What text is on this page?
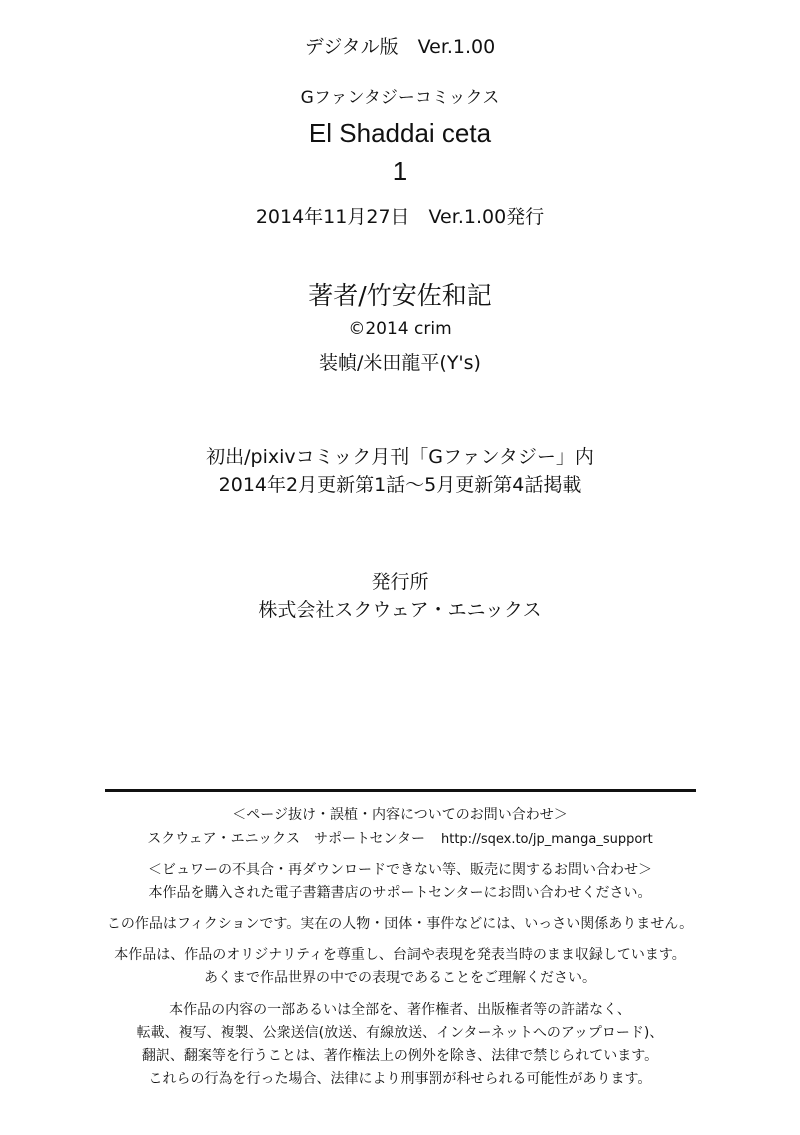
デジタル版　Ver.1.00
Gファンタジーコミックス
El Shaddai ceta
1
2014年11月27日　Ver.1.00発行
著者/竹安佐和記
©2014 crim
装幀/米田龍平(Y's)
初出/pixivコミック月刊「Gファンタジー」内
2014年2月更新第1話～5月更新第4話掲載
発行所
株式会社スクウェア・エニックス
＜ページ抜け・誤植・内容についてのお問い合わせ＞
スクウェア・エニックス　サポートセンター http://sqex.to/jp_manga_support
＜ビュワーの不具合・再ダウンロードできない等、販売に関するお問い合わせ＞
本作品を購入された電子書籍書店のサポートセンターにお問い合わせください。
この作品はフィクションです。実在の人物・団体・事件などには、いっさい関係ありません。
本作品は、作品のオリジナリティを尊重し、台詞や表現を発表当時のまま収録しています。
あくまで作品世界の中での表現であることをご理解ください。
本作品の内容の一部あるいは全部を、著作権者、出版権者等の許諾なく、
転載、複写、複製、公衆送信(放送、有線放送、インターネットへのアップロード)、
翻訳、翻案等を行うことは、著作権法上の例外を除き、法律で禁じられています。
これらの行為を行った場合、法律により刑事罰が科せられる可能性があります。
